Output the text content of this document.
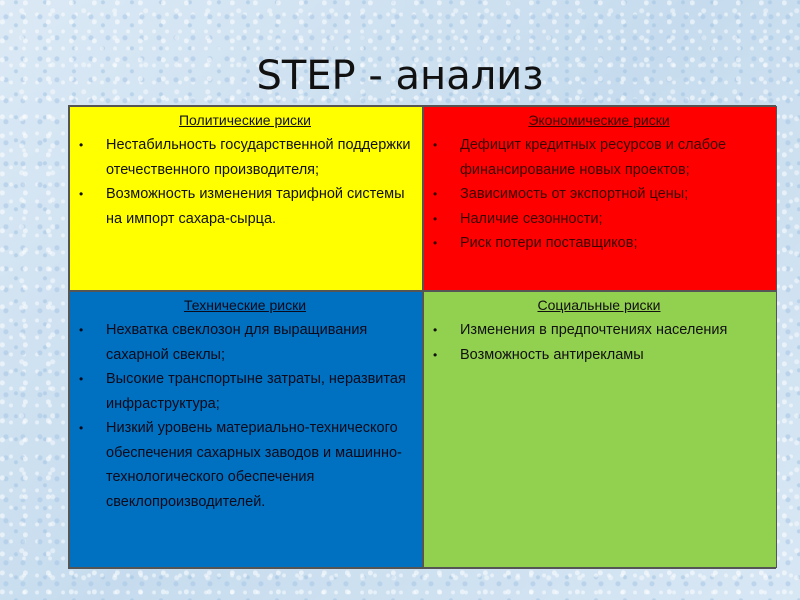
STEP - анализ
Политические риски
• Нестабильность государственной поддержки отечественного производителя;
• Возможность изменения тарифной системы на импорт сахара-сырца.
Экономические риски
• Дефицит кредитных ресурсов и слабое финансирование новых проектов;
• Зависимость от экспортной цены;
• Наличие сезонности;
• Риск потери поставщиков;
Технические риски
• Нехватка свеклозон для выращивания сахарной свеклы;
• Высокие транспортыне затраты, неразвитая инфраструктура;
• Низкий уровень материально-технического обеспечения сахарных заводов и машинно-технологического обеспечения свеклопроизводителей.
Социальные риски
• Изменения в предпочтениях населения
• Возможность антирекламы
